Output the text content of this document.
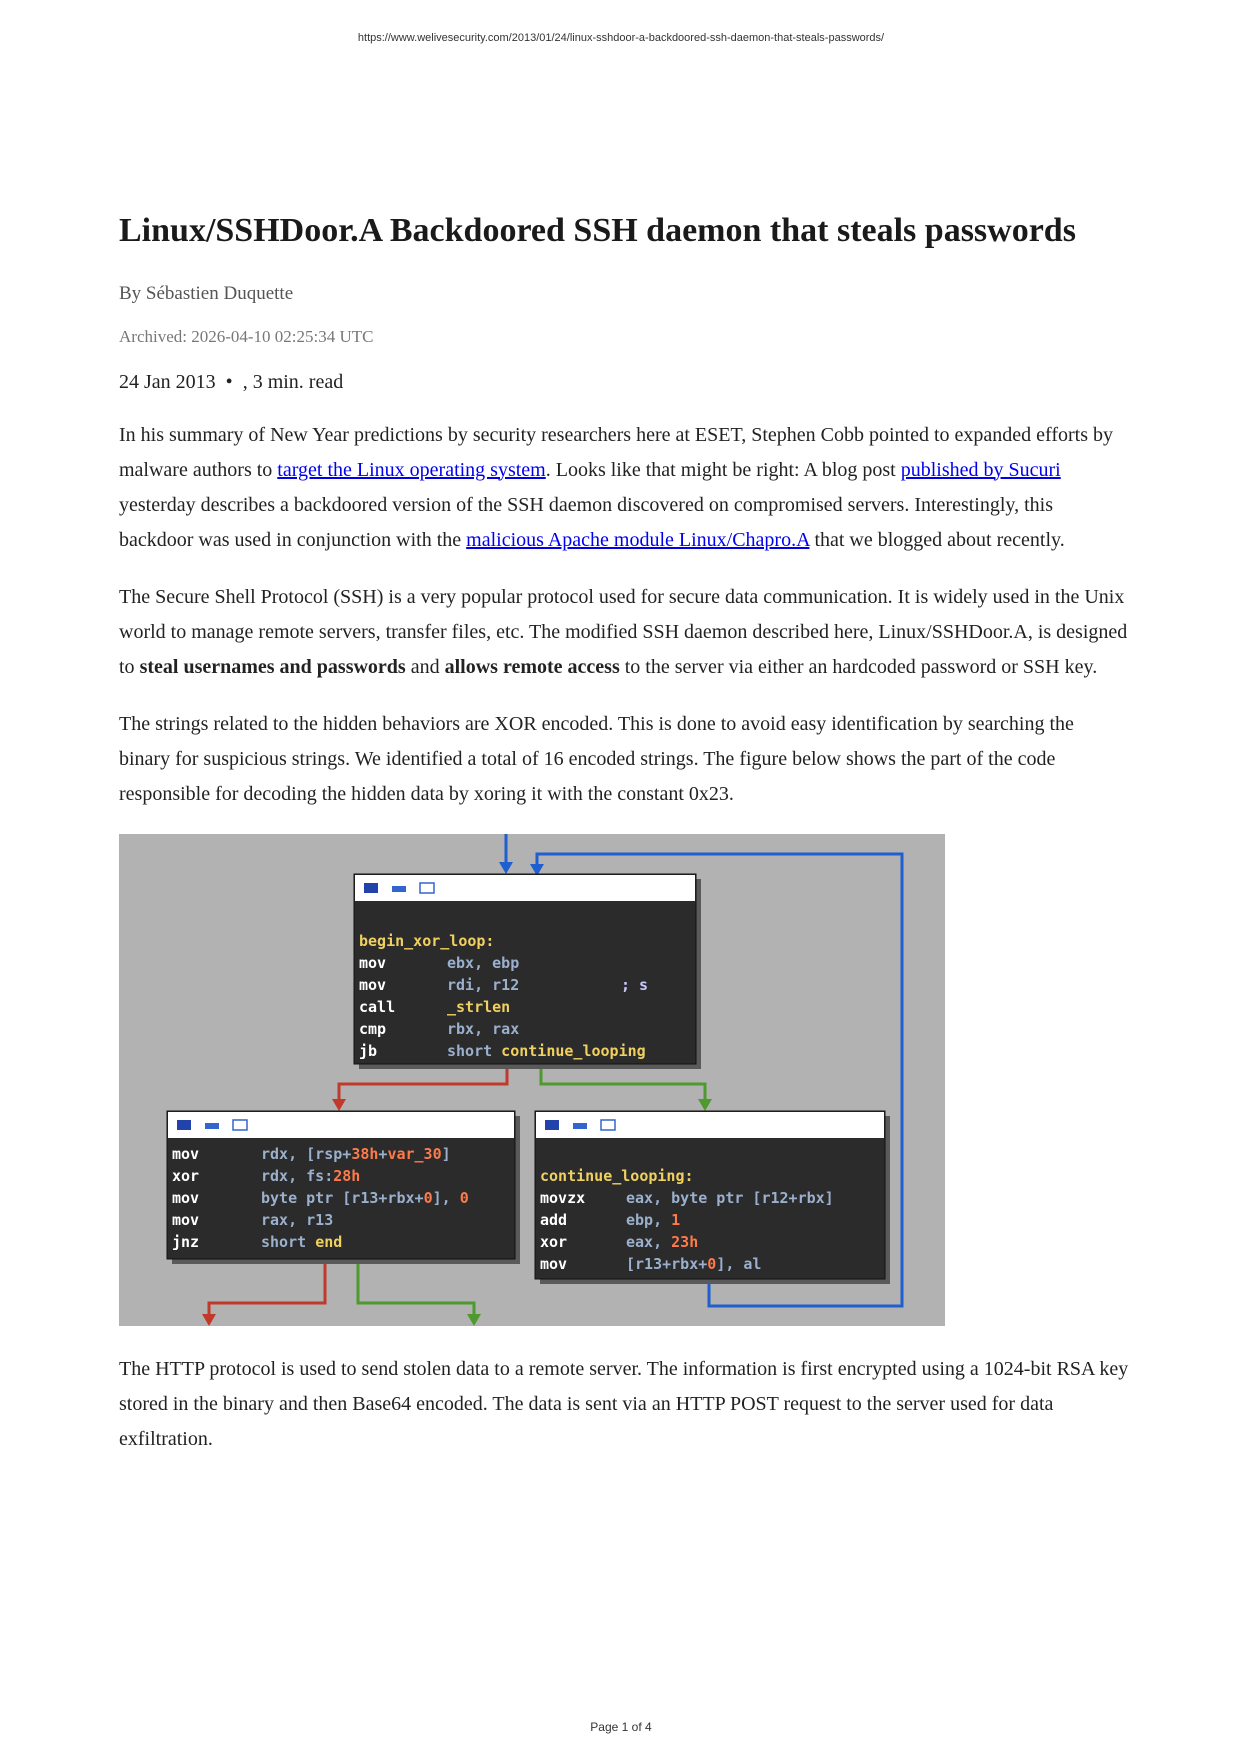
https://www.welivesecurity.com/2013/01/24/linux-sshdoor-a-backdoored-ssh-daemon-that-steals-passwords/
Linux/SSHDoor.A Backdoored SSH daemon that steals passwords
By Sébastien Duquette
Archived: 2026-04-10 02:25:34 UTC
24 Jan 2013 • , 3 min. read

In his summary of New Year predictions by security researchers here at ESET, Stephen Cobb pointed to expanded efforts by malware authors to target the Linux operating system. Looks like that might be right: A blog post published by Sucuri yesterday describes a backdoored version of the SSH daemon discovered on compromised servers. Interestingly, this backdoor was used in conjunction with the malicious Apache module Linux/Chapro.A that we blogged about recently.

The Secure Shell Protocol (SSH) is a very popular protocol used for secure data communication. It is widely used in the Unix world to manage remote servers, transfer files, etc. The modified SSH daemon described here, Linux/SSHDoor.A, is designed to steal usernames and passwords and allows remote access to the server via either an hardcoded password or SSH key.

The strings related to the hidden behaviors are XOR encoded. This is done to avoid easy identification by searching the binary for suspicious strings. We identified a total of 16 encoded strings. The figure below shows the part of the code responsible for decoding the hidden data by xoring it with the constant 0x23.

begin_xor_loop:
mov	ebx, ebp
mov	rdi, r12	; s
call	_strlen
cmp	rbx, rax
jb	short continue_looping
mov	rdx, [rsp+38h+var_30]
xor	rdx, fs:28h
mov	byte ptr [r13+rbx+0], 0
mov	rax, r13
jnz	short end
continue_looping:
movzx	eax, byte ptr [r12+rbx]
add	ebp, 1
xor	eax, 23h
mov	[r13+rbx+0], al

The HTTP protocol is used to send stolen data to a remote server. The information is first encrypted using a 1024-bit RSA key stored in the binary and then Base64 encoded. The data is sent via an HTTP POST request to the server used for data exfiltration.

Page 1 of 4
